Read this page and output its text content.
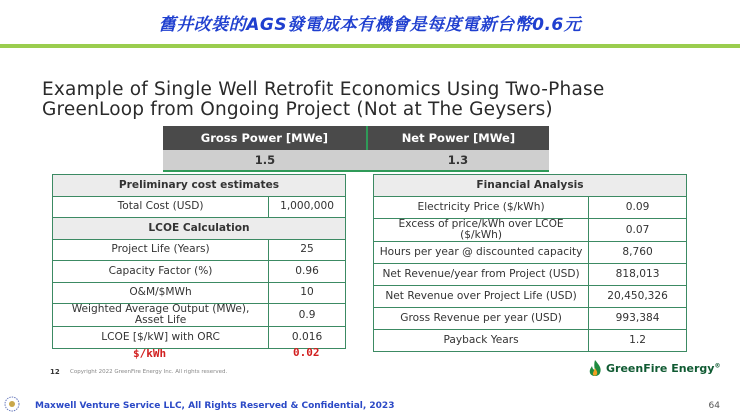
舊井改裝的AGS發電成本有機會是每度電新台幣0.6元
Example of Single Well Retrofit Economics Using Two-Phase
GreenLoop from Ongoing Project (Not at The Geysers)
Gross Power [MWe]	Net Power [MWe]
1.5	1.3
Preliminary cost estimates	
Total Cost (USD)	1,000,000
LCOE Calculation	
Project Life (Years)	25
Capacity Factor (%)	0.96
O&M/$MWh	10
Weighted Average Output (MWe), Asset Life	0.9
LCOE [$/kW] with ORC	0.016
$/kWh	0.02
Financial Analysis	
Electricity Price ($/kWh)	0.09
Excess of price/kWh over LCOE ($/kWh)	0.07
Hours per year @ discounted capacity	8,760
Net Revenue/year from Project (USD)	818,013
Net Revenue over Project Life (USD)	20,450,326
Gross Revenue per year (USD)	993,384
Payback Years	1.2
12 Copyright 2022 GreenFire Energy Inc. All rights reserved.	GreenFire Energy®
Maxwell Venture Service LLC, All Rights Reserved & Confidential, 2023	64
